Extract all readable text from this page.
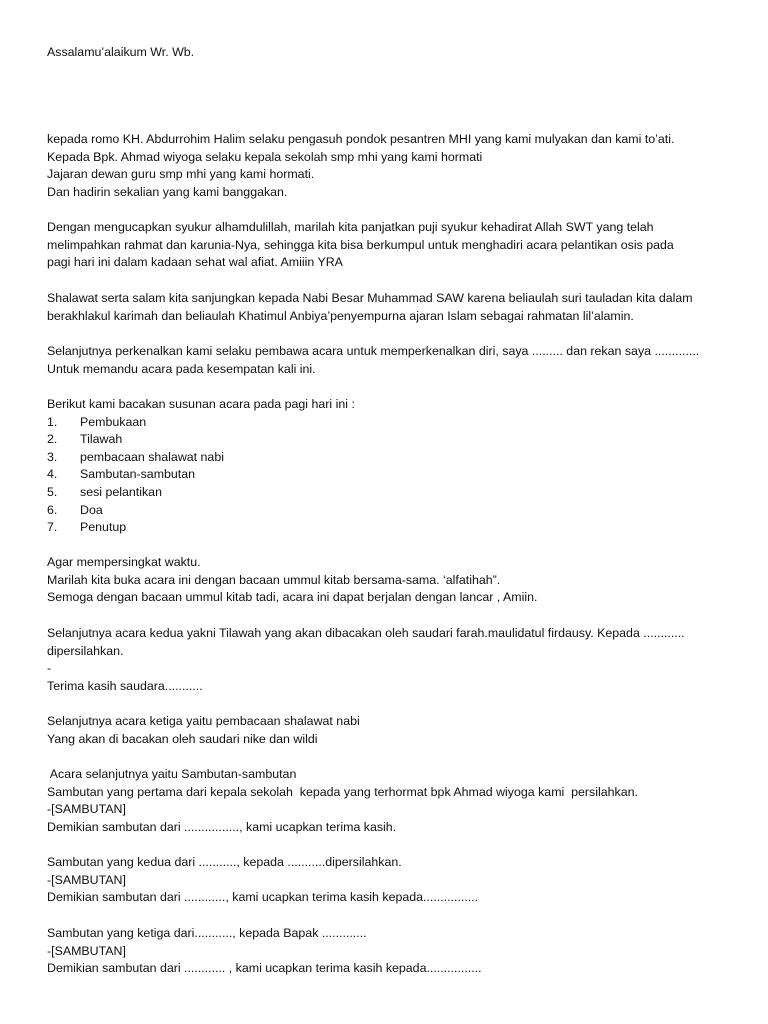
Assalamu’alaikum Wr. Wb.
kepada romo KH. Abdurrohim Halim selaku pengasuh pondok pesantren MHI yang kami mulyakan dan kami to’ati.
Kepada Bpk. Ahmad wiyoga selaku kepala sekolah smp mhi yang kami hormati
Jajaran dewan guru smp mhi yang kami hormati.
Dan hadirin sekalian yang kami banggakan.
Dengan mengucapkan syukur alhamdulillah, marilah kita panjatkan puji syukur kehadirat Allah SWT yang telah
melimpahkan rahmat dan karunia-Nya, sehingga kita bisa berkumpul untuk menghadiri acara pelantikan osis pada
pagi hari ini dalam kadaan sehat wal afiat. Amiiin YRA
Shalawat serta salam kita sanjungkan kepada Nabi Besar Muhammad SAW karena beliaulah suri tauladan kita dalam
berakhlakul karimah dan beliaulah Khatimul Anbiya’penyempurna ajaran Islam sebagai rahmatan lil’alamin.
Selanjutnya perkenalkan kami selaku pembawa acara untuk memperkenalkan diri, saya ......... dan rekan saya .............
Untuk memandu acara pada kesempatan kali ini.
Berikut kami bacakan susunan acara pada pagi hari ini :
1.	Pembukaan
2.	Tilawah
3.	pembacaan shalawat nabi
4.	Sambutan-sambutan
5.	sesi pelantikan
6.	Doa
7.	Penutup
Agar mempersingkat waktu.
Marilah kita buka acara ini dengan bacaan ummul kitab bersama-sama. ‘alfatihah”.
Semoga dengan bacaan ummul kitab tadi, acara ini dapat berjalan dengan lancar , Amiin.
Selanjutnya acara kedua yakni Tilawah yang akan dibacakan oleh saudari farah.maulidatul firdausy. Kepada ............
dipersilahkan.
-
Terima kasih saudara...........
Selanjutnya acara ketiga yaitu pembacaan shalawat nabi
Yang akan di bacakan oleh saudari nike dan wildi
Acara selanjutnya yaitu Sambutan-sambutan
Sambutan yang pertama dari kepala sekolah  kepada yang terhormat bpk Ahmad wiyoga kami  persilahkan.
-[SAMBUTAN]
Demikian sambutan dari ................, kami ucapkan terima kasih.
Sambutan yang kedua dari ..........., kepada ...........dipersilahkan.
-[SAMBUTAN]
Demikian sambutan dari ............, kami ucapkan terima kasih kepada................
Sambutan yang ketiga dari..........., kepada Bapak .............
-[SAMBUTAN]
Demikian sambutan dari ............ , kami ucapkan terima kasih kepada................
